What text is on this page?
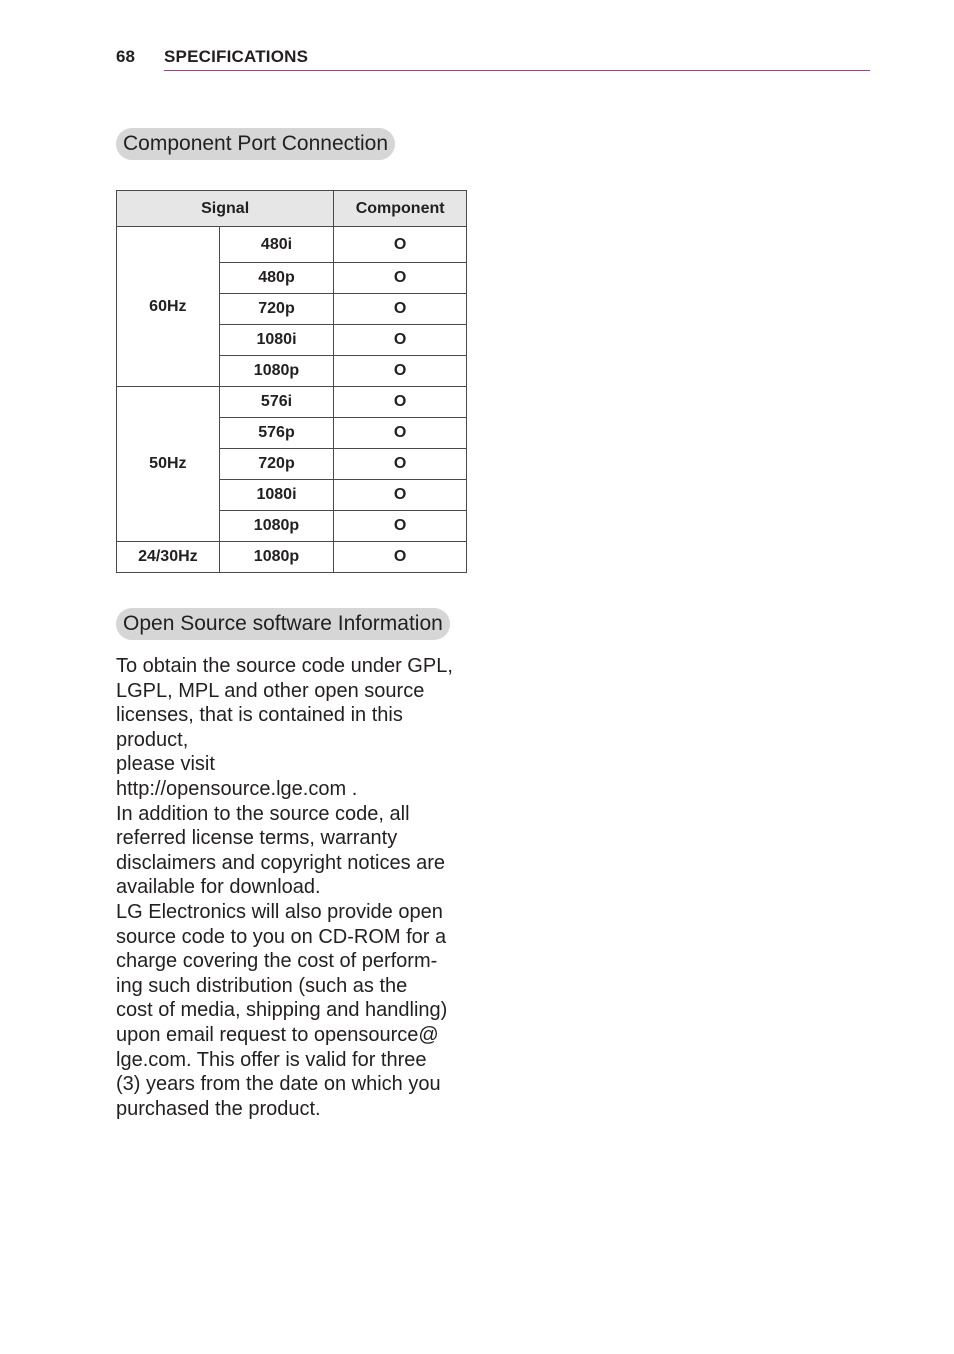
68 SPECIFICATIONS
Component Port Connection
Signal		Component
60Hz	480i	O
	480p	O
	720p	O
	1080i	O
	1080p	O
50Hz	576i	O
	576p	O
	720p	O
	1080i	O
	1080p	O
24/30Hz	1080p	O
Open Source software Information

To obtain the source code under GPL,

LGPL, MPL and other open source

licenses, that is contained in this

product,

please visit

http://opensource.lge.com .

In addition to the source code, all

referred license terms, warranty

disclaimers and copyright notices are

available for download.

LG Electronics will also provide open

source code to you on CD-ROM for a

charge covering the cost of perform-

ing such distribution (such as the

cost of media, shipping and handling)

upon email request to opensource@

lge.com. This offer is valid for three

(3) years from the date on which you

purchased the product.
